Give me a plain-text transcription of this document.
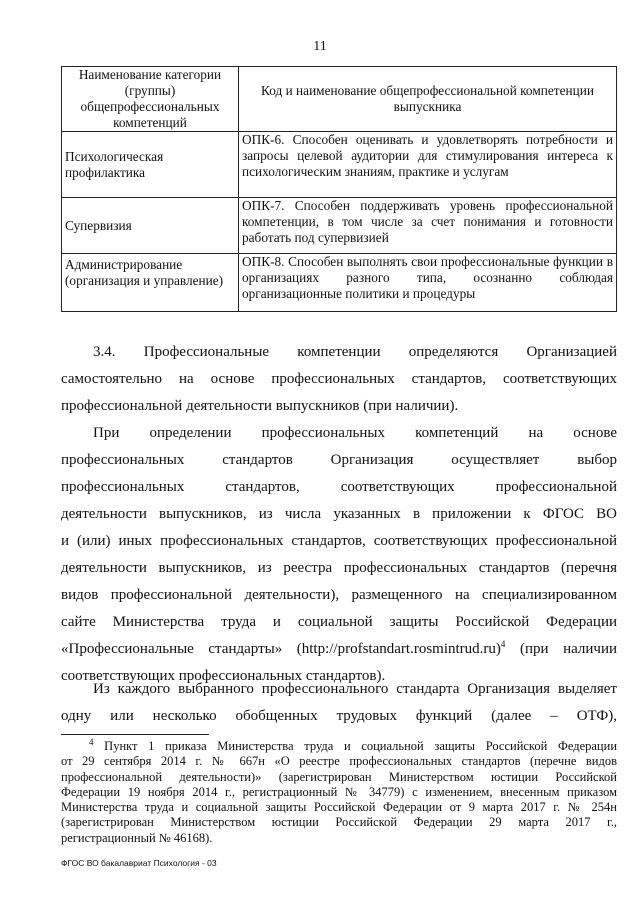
11
Наименование категории (группы) общепрофессиональных компетенций	Код и наименование общепрофессиональной компетенции выпускника
Психологическая профилактика	ОПК-6. Способен оценивать и удовлетворять потребности и запросы целевой аудитории для стимулирования интереса к психологическим знаниям, практике и услугам
Супервизия	ОПК-7. Способен поддерживать уровень профессиональной компетенции, в том числе за счет понимания и готовности работать под супервизией
Администрирование (организация и управление)	ОПК-8. Способен выполнять свои профессиональные функции в организациях разного типа, осознанно соблюдая организационные политики и процедуры
3.4. Профессиональные компетенции определяются Организацией
самостоятельно на основе профессиональных стандартов, соответствующих
профессиональной деятельности выпускников (при наличии).
При определении профессиональных компетенций на основе
профессиональных стандартов Организация осуществляет выбор
профессиональных стандартов, соответствующих профессиональной
деятельности выпускников, из числа указанных в приложении к ФГОС ВО
и (или) иных профессиональных стандартов, соответствующих профессиональной
деятельности выпускников, из реестра профессиональных стандартов (перечня
видов профессиональной деятельности), размещенного на специализированном
сайте Министерства труда и социальной защиты Российской Федерации
«Профессиональные стандарты» (http://profstandart.rosmintrud.ru)$^4$ (при наличии
соответствующих профессиональных стандартов).
Из каждого выбранного профессионального стандарта Организация выделяет
одну или несколько обобщенных трудовых функций (далее – ОТФ),
$^4$ Пункт 1 приказа Министерства труда и социальной защиты Российской Федерации
от 29 сентября 2014 г. № 667н «О реестре профессиональных стандартов (перечне видов
профессиональной деятельности)» (зарегистрирован Министерством юстиции Российской
Федерации 19 ноября 2014 г., регистрационный № 34779) с изменением, внесенным приказом
Министерства труда и социальной защиты Российской Федерации от 9 марта 2017 г. № 254н
(зарегистрирован Министерством юстиции Российской Федерации 29 марта 2017 г.,
регистрационный № 46168).
ФГОС ВО бакалавриат Психология - 03
